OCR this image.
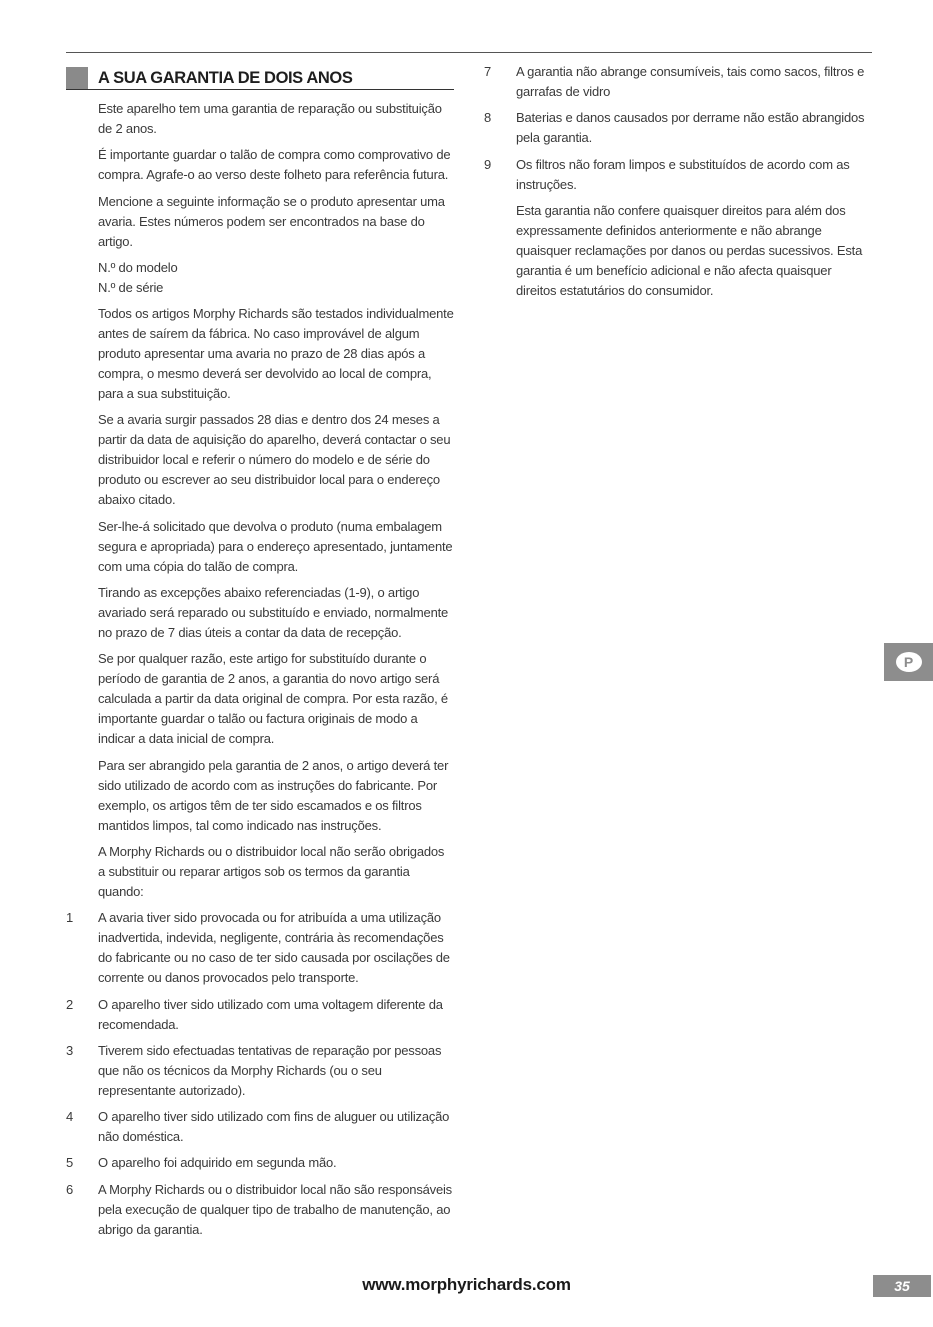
A SUA GARANTIA DE DOIS ANOS

Este aparelho tem uma garantia de reparação ou substituição de 2 anos.

É importante guardar o talão de compra como comprovativo de compra. Agrafe-o ao verso deste folheto para referência futura.

Mencione a seguinte informação se o produto apresentar uma avaria. Estes números podem ser encontrados na base do artigo.

N.º do modelo

N.º de série

Todos os artigos Morphy Richards são testados individualmente antes de saírem da fábrica. No caso improvável de algum produto apresentar uma avaria no prazo de 28 dias após a compra, o mesmo deverá ser devolvido ao local de compra, para a sua substituição.

Se a avaria surgir passados 28 dias e dentro dos 24 meses a partir da data de aquisição do aparelho, deverá contactar o seu distribuidor local e referir o número do modelo e de série do produto ou escrever ao seu distribuidor local para o endereço abaixo citado.

Ser-lhe-á solicitado que devolva o produto (numa embalagem segura e apropriada) para o endereço apresentado, juntamente com uma cópia do talão de compra.

Tirando as excepções abaixo referenciadas (1-9), o artigo avariado será reparado ou substituído e enviado, normalmente no prazo de 7 dias úteis a contar da data de recepção.

Se por qualquer razão, este artigo for substituído durante o período de garantia de 2 anos, a garantia do novo artigo será calculada a partir da data original de compra. Por esta razão, é importante guardar o talão ou factura originais de modo a indicar a data inicial de compra.

Para ser abrangido pela garantia de 2 anos, o artigo deverá ter sido utilizado de acordo com as instruções do fabricante. Por exemplo, os artigos têm de ter sido escamados e os filtros mantidos limpos, tal como indicado nas instruções.

A Morphy Richards ou o distribuidor local não serão obrigados a substituir ou reparar artigos sob os termos da garantia quando:

1	A avaria tiver sido provocada ou for atribuída a uma utilização inadvertida, indevida, negligente, contrária às recomendações do fabricante ou no caso de ter sido causada por oscilações de corrente ou danos provocados pelo transporte.
2	O aparelho tiver sido utilizado com uma voltagem diferente da recomendada.
3	Tiverem sido efectuadas tentativas de reparação por pessoas que não os técnicos da Morphy Richards (ou o seu representante autorizado).
4	O aparelho tiver sido utilizado com fins de aluguer ou utilização não doméstica.
5	O aparelho foi adquirido em segunda mão.
6	A Morphy Richards ou o distribuidor local não são responsáveis pela execução de qualquer tipo de trabalho de manutenção, ao abrigo da garantia.
7	A garantia não abrange consumíveis, tais como sacos, filtros e garrafas de vidro
8	Baterias e danos causados por derrame não estão abrangidos pela garantia.
9	Os filtros não foram limpos e substituídos de acordo com as instruções.

Esta garantia não confere quaisquer direitos para além dos expressamente definidos anteriormente e não abrange quaisquer reclamações por danos ou perdas sucessivos. Esta garantia é um benefício adicional e não afecta quaisquer direitos estatutários do consumidor.

P
www.morphyrichards.com	35
